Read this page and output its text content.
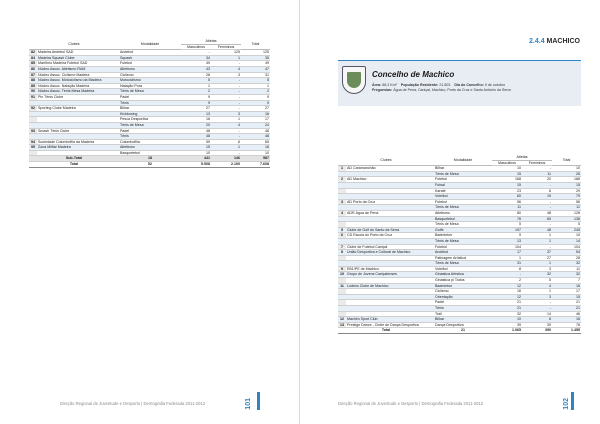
Clubes		Modalidade	Atletas		Total
			Masculinos	Femininos	
82	Madeira Andebol SAD	Andebol	-	125	125
84	Madeira Squash Clube	Squash	34	1	35
85	Marítimo Madeira Futebol SAD	Futebol	49	-	49
86	Núcleo Assoc. Atletismo RAM	Atletismo	43	4	47
87	Núcleo Assoc. Ciclismo Madeira	Ciclismo	28	3	31
88	Núcleo Assoc. Motociclismo da Madeira	Motociclismo	5	-	5
89	Núcleo Assoc. Natação Madeira	Natação Pura	1	-	1
90	Núcleo Assoc. Ténis Mesa Madeira	Ténis de Mesa	2	-	2
91	Pin Ténis Clube	Padel	9	-	9
		Ténis	9	-	9
92	Sporting Clube Madeira	Bilhar	27	-	27
		Kickboxing	13	3	16
		Pesca Desportiva	16	1	17
		Ténis de Mesa	20	4	24
93	Smash Ténis Clube	Padel	48	-	48
		Ténis	48	-	48
94	Sociedade Columbófila da Madeira	Columbofilia	59	6	65
95	Zona Militar Madeira	Atletismo	15	1	16
		Basquetebol	10	-	10
Sub-Total		18	441	146	587
Total		52	5.508	2.100	7.608
Direção Regional de Juventude e Desporto | Demografia Federada 2011-2012	101
2.4.4 MACHICO
Concelho de Machico
Área: 68,3 Km² População Residente: 21.803 Dia do Concelho: 9 de outubro
Freguesias: Água de Pena, Caniçal, Machico, Porto da Cruz e Santo António da Serra
Clubes		Modalidade	Atletas		Total
			Masculinos	Femininos	
1	AD Caramanchão	Bilhar	10	-	10
		Ténis de Mesa	15	11	26
2	AD Machico	Futebol	168	20	188
		Futsal	15	-	15
		Karaté	23	6	29
		Voleibol	60	19	79
3	AD Porto da Cruz	Futebol	56	-	56
		Ténis de Mesa	11	-	11
4	ADR Água de Pena	Atletismo	80	48	128
		Basquetebol	76	60	136
		Ténis de Mesa	5	-	5
5	Clube de Golf do Santo da Serra	Golfe	197	48	245
6	CD Escola do Porto da Cruz	Badminton	9	1	10
		Ténis de Mesa	13	1	14
7	Clube de Futebol Caniçal	Futebol	104	-	104
8	União Desportiva e Cultural de Machico	Andebol	17	37	54
		Patinagem Artística	1	27	28
		Ténis de Mesa	31	1	32
9	EB1/PE de Machico	Voleibol	8	3	11
10	Grupo de Jovens Caniçalenses	Ginástica Artística	-	32	32
		Ginástica p/ Todos	2	5	7
11	Ludens Clube de Machico	Badminton	12	4	16
		Ciclismo	16	1	17
		Orientação	12	3	15
		Padel	21	-	21
		Ténis	21	-	21
		Trail	32	14	46
12	Machim Sport Club	Bilhar	10	6	16
13	Prestige Dance - Clube de Dança Desportiva	Dança Desportiva	39	39	78
Total		21	1.065	390	1.455
Direção Regional de Juventude e Desporto | Demografia Federada 2011-2012	102
